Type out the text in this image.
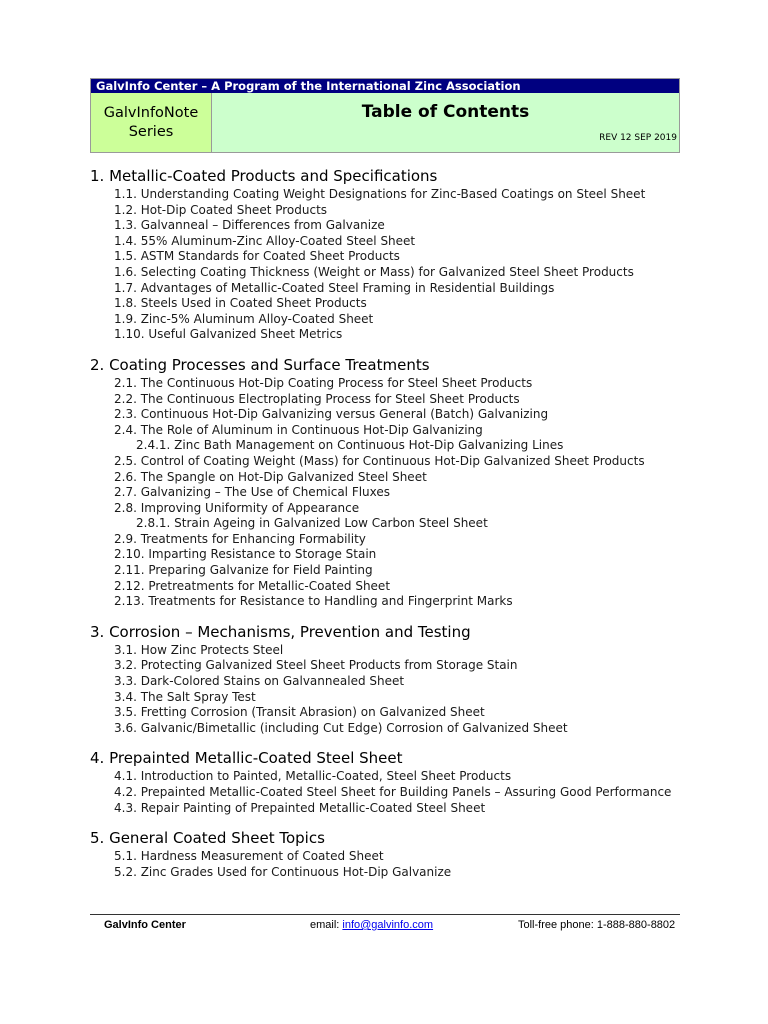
GalvInfo Center – A Program of the International Zinc Association
GalvInfoNote
Series
Table of Contents
REV 12 SEP 2019
1. Metallic-Coated Products and Specifications
1.1. Understanding Coating Weight Designations for Zinc-Based Coatings on Steel Sheet
1.2. Hot-Dip Coated Sheet Products
1.3. Galvanneal – Differences from Galvanize
1.4. 55% Aluminum-Zinc Alloy-Coated Steel Sheet
1.5. ASTM Standards for Coated Sheet Products
1.6. Selecting Coating Thickness (Weight or Mass) for Galvanized Steel Sheet Products
1.7. Advantages of Metallic-Coated Steel Framing in Residential Buildings
1.8. Steels Used in Coated Sheet Products
1.9. Zinc-5% Aluminum Alloy-Coated Sheet
1.10. Useful Galvanized Sheet Metrics
2. Coating Processes and Surface Treatments
2.1. The Continuous Hot-Dip Coating Process for Steel Sheet Products
2.2. The Continuous Electroplating Process for Steel Sheet Products
2.3. Continuous Hot-Dip Galvanizing versus General (Batch) Galvanizing
2.4. The Role of Aluminum in Continuous Hot-Dip Galvanizing
2.4.1. Zinc Bath Management on Continuous Hot-Dip Galvanizing Lines
2.5. Control of Coating Weight (Mass) for Continuous Hot-Dip Galvanized Sheet Products
2.6. The Spangle on Hot-Dip Galvanized Steel Sheet
2.7. Galvanizing – The Use of Chemical Fluxes
2.8. Improving Uniformity of Appearance
2.8.1. Strain Ageing in Galvanized Low Carbon Steel Sheet
2.9. Treatments for Enhancing Formability
2.10. Imparting Resistance to Storage Stain
2.11. Preparing Galvanize for Field Painting
2.12. Pretreatments for Metallic-Coated Sheet
2.13. Treatments for Resistance to Handling and Fingerprint Marks
3. Corrosion – Mechanisms, Prevention and Testing
3.1. How Zinc Protects Steel
3.2. Protecting Galvanized Steel Sheet Products from Storage Stain
3.3. Dark-Colored Stains on Galvannealed Sheet
3.4. The Salt Spray Test
3.5. Fretting Corrosion (Transit Abrasion) on Galvanized Sheet
3.6. Galvanic/Bimetallic (including Cut Edge) Corrosion of Galvanized Sheet
4. Prepainted Metallic-Coated Steel Sheet
4.1. Introduction to Painted, Metallic-Coated, Steel Sheet Products
4.2. Prepainted Metallic-Coated Steel Sheet for Building Panels – Assuring Good Performance
4.3. Repair Painting of Prepainted Metallic-Coated Steel Sheet
5. General Coated Sheet Topics
5.1. Hardness Measurement of Coated Sheet
5.2. Zinc Grades Used for Continuous Hot-Dip Galvanize
GalvInfo Center	email: info@galvinfo.com	Toll-free phone: 1-888-880-8802
